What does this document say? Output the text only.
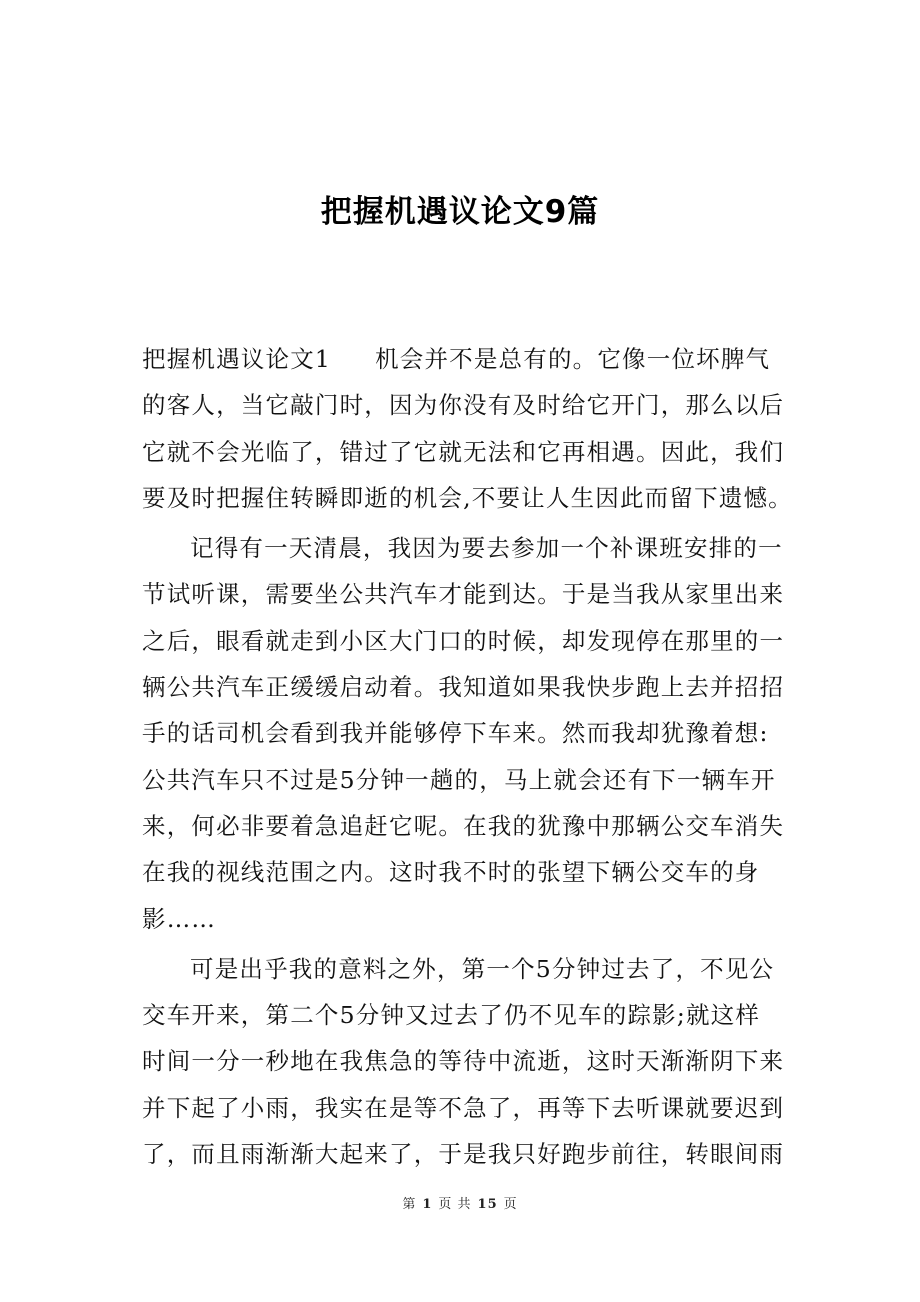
把握机遇议论文9篇

把握机遇议论文1 机会并不是总有的。它像一位坏脾气
的客人，当它敲门时，因为你没有及时给它开门，那么以后
它就不会光临了，错过了它就无法和它再相遇。因此，我们
要及时把握住转瞬即逝的机会,不要让人生因此而留下遗憾。

记得有一天清晨，我因为要去参加一个补课班安排的一
节试听课，需要坐公共汽车才能到达。于是当我从家里出来
之后，眼看就走到小区大门口的时候，却发现停在那里的一
辆公共汽车正缓缓启动着。我知道如果我快步跑上去并招招
手的话司机会看到我并能够停下车来。然而我却犹豫着想:
公共汽车只不过是5分钟一趟的，马上就会还有下一辆车开
来，何必非要着急追赶它呢。在我的犹豫中那辆公交车消失
在我的视线范围之内。这时我不时的张望下辆公交车的身
影……

可是出乎我的意料之外，第一个5分钟过去了，不见公
交车开来，第二个5分钟又过去了仍不见车的踪影;就这样
时间一分一秒地在我焦急的等待中流逝，这时天渐渐阴下来
并下起了小雨，我实在是等不急了，再等下去听课就要迟到
了，而且雨渐渐大起来了，于是我只好跑步前往，转眼间雨

第 1 页 共 15 页
